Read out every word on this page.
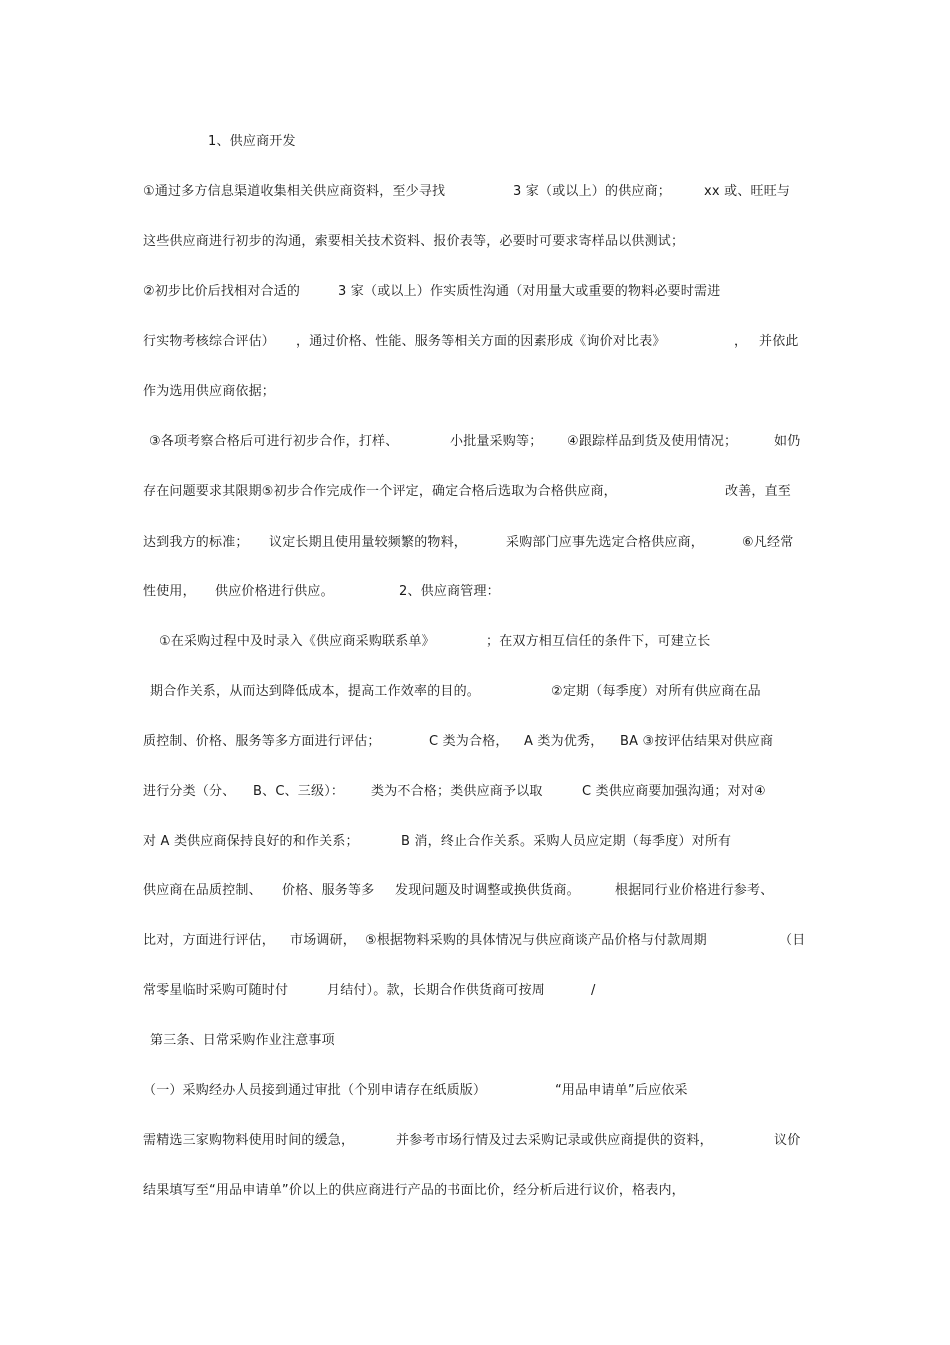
1、供应商开发
①通过多方信息渠道收集相关供应商资料，至少寻找	3 家（或以上）的供应商；	xx 或、旺旺与
这些供应商进行初步的沟通，索要相关技术资料、报价表等，必要时可要求寄样品以供测试；
②初步比价后找相对合适的	3 家（或以上）作实质性沟通（对用量大或重要的物料必要时需进
行实物考核综合评估） ，通过价格、性能、服务等相关方面的因素形成《询价对比表》	， 并依此
作为选用供应商依据；
③各项考察合格后可进行初步合作，打样、	小批量采购等； ④跟踪样品到货及使用情况；	如仍
存在问题要求其限期⑤初步合作完成作一个评定，确定合格后选取为合格供应商，	改善，直至
达到我方的标准； 议定长期且使用量较频繁的物料，	采购部门应事先选定合格供应商，	⑥凡经常
性使用， 供应价格进行供应。	2、供应商管理：
①在采购过程中及时录入《供应商采购联系单》	；在双方相互信任的条件下，可建立长
期合作关系，从而达到降低成本，提高工作效率的目的。	②定期（每季度）对所有供应商在品
质控制、价格、服务等多方面进行评估；	C 类为合格， A 类为优秀， BA ③按评估结果对供应商
进行分类（分、 B、C、三级）： 类为不合格；类供应商予以取	C 类供应商要加强沟通；对对④
对 A 类供应商保持良好的和作关系；	B 消，终止合作关系。采购人员应定期（每季度）对所有
供应商在品质控制、 价格、服务等多 发现问题及时调整或换供货商。	根据同行业价格进行参考、
比对，方面进行评估， 市场调研， ⑤根据物料采购的具体情况与供应商谈产品价格与付款周期	（日
常零星临时采购可随时付	月结付）。款，长期合作供货商可按周	/
第三条、日常采购作业注意事项
（一）采购经办人员接到通过审批（个别申请存在纸质版）	“用品申请单”后应依采
需精选三家购物料使用时间的缓急，	并参考市场行情及过去采购记录或供应商提供的资料，	议价
结果填写至“用品申请单”价以上的供应商进行产品的书面比价，经分析后进行议价，格表内，
